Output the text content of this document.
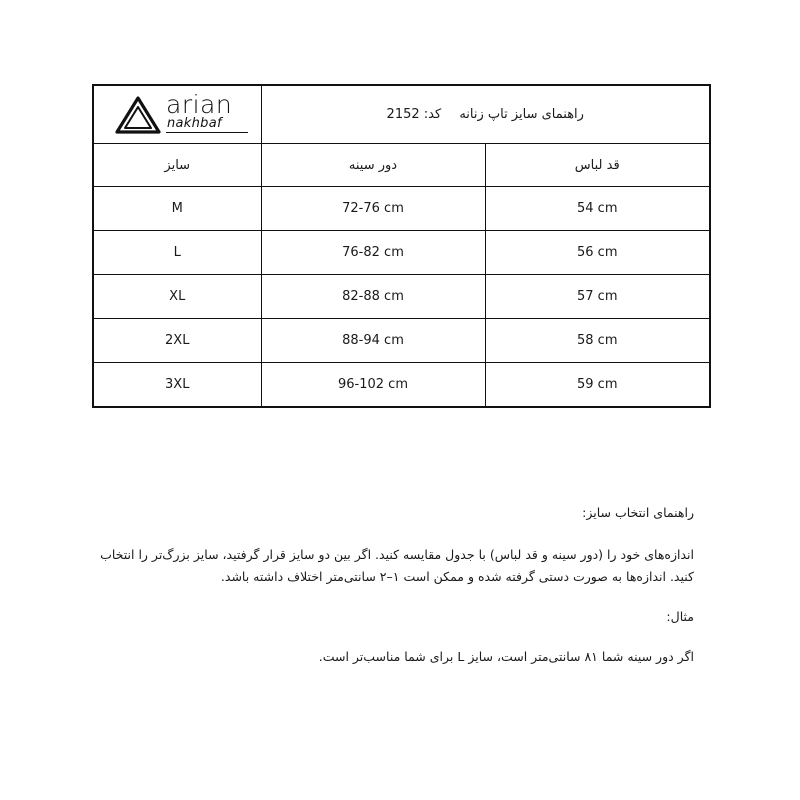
arian
nakhbaf	راهنمای سایز تاپ زنانه کد: 2152	
سایز	دور سینه	قد لباس
M	72-76 cm	54 cm
L	76-82 cm	56 cm
XL	82-88 cm	57 cm
2XL	88-94 cm	58 cm
3XL	96-102 cm	59 cm

راهنمای انتخاب سایز:

اندازه‌های خود را (دور سینه و قد لباس) با جدول مقایسه کنید. اگر بین دو سایز قرار گرفتید، سایز بزرگ‌تر را انتخاب کنید. اندازه‌ها به صورت دستی گرفته شده و ممکن است ۱–۲ سانتی‌متر اختلاف داشته باشد.

مثال:

اگر دور سینه شما ۸۱ سانتی‌متر است، سایز L برای شما مناسب‌تر است.
